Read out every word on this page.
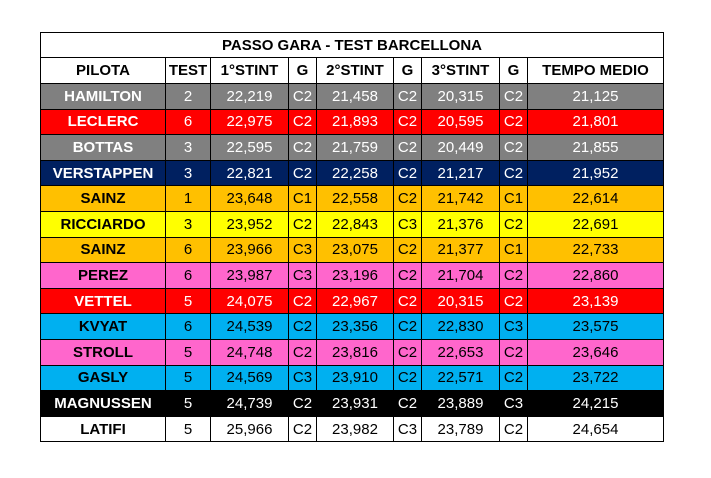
PASSO GARA - TEST BARCELLONA								
PILOTA	TEST	1°STINT	G	2°STINT	G	3°STINT	G	TEMPO MEDIO
HAMILTON	2	22,219	C2	21,458	C2	20,315	C2	21,125
LECLERC	6	22,975	C2	21,893	C2	20,595	C2	21,801
BOTTAS	3	22,595	C2	21,759	C2	20,449	C2	21,855
VERSTAPPEN	3	22,821	C2	22,258	C2	21,217	C2	21,952
SAINZ	1	23,648	C1	22,558	C2	21,742	C1	22,614
RICCIARDO	3	23,952	C2	22,843	C3	21,376	C2	22,691
SAINZ	6	23,966	C3	23,075	C2	21,377	C1	22,733
PEREZ	6	23,987	C3	23,196	C2	21,704	C2	22,860
VETTEL	5	24,075	C2	22,967	C2	20,315	C2	23,139
KVYAT	6	24,539	C2	23,356	C2	22,830	C3	23,575
STROLL	5	24,748	C2	23,816	C2	22,653	C2	23,646
GASLY	5	24,569	C3	23,910	C2	22,571	C2	23,722
MAGNUSSEN	5	24,739	C2	23,931	C2	23,889	C3	24,215
LATIFI	5	25,966	C2	23,982	C3	23,789	C2	24,654
